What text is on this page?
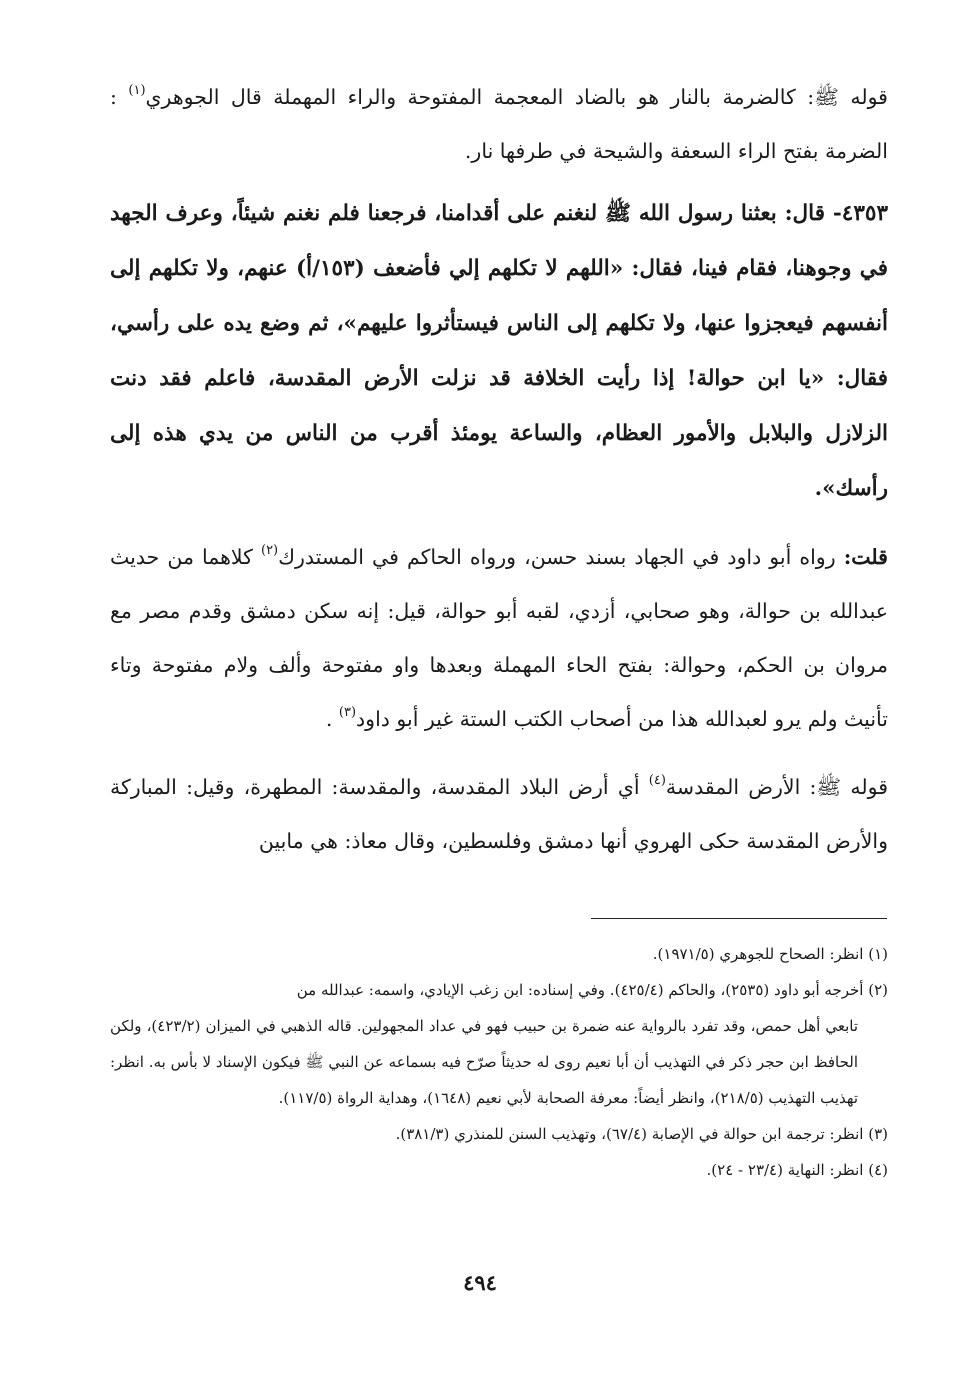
قوله ﷺ: كالضرمة بالنار هو بالضاد المعجمة المفتوحة والراء المهملة قال الجوهري$^{(١)}$ : الضرمة بفتح الراء السعفة والشيحة في طرفها نار.

٤٣٥٣- قال: بعثنا رسول الله ﷺ لنغنم على أقدامنا، فرجعنا فلم نغنم شيئاً، وعرف الجهد في وجوهنا، فقام فينا، فقال: «اللهم لا تكلهم إلي فأضعف (١٥٣/أ) عنهم، ولا تكلهم إلى أنفسهم فيعجزوا عنها، ولا تكلهم إلى الناس فيستأثروا عليهم»، ثم وضع يده على رأسي، فقال: «يا ابن حوالة! إذا رأيت الخلافة قد نزلت الأرض المقدسة، فاعلم فقد دنت الزلازل والبلابل والأمور العظام، والساعة يومئذ أقرب من الناس من يدي هذه إلى رأسك».

قلت: رواه أبو داود في الجهاد بسند حسن، ورواه الحاكم في المستدرك$^{(٢)}$ كلاهما من حديث عبدالله بن حوالة، وهو صحابي، أزدي، لقبه أبو حوالة، قيل: إنه سكن دمشق وقدم مصر مع مروان بن الحكم، وحوالة: بفتح الحاء المهملة وبعدها واو مفتوحة وألف ولام مفتوحة وتاء تأنيث ولم يرو لعبدالله هذا من أصحاب الكتب الستة غير أبو داود$^{(٣)}$ .

قوله ﷺ: الأرض المقدسة$^{(٤)}$ أي أرض البلاد المقدسة، والمقدسة: المطهرة، وقيل: المباركة والأرض المقدسة حكى الهروي أنها دمشق وفلسطين، وقال معاذ: هي مابين

(١) انظر: الصحاح للجوهري (١٩٧١/٥).

(٢) أخرجه أبو داود (٢٥٣٥)، والحاكم (٤٢٥/٤). وفي إسناده: ابن زغب الإيادي، واسمه: عبدالله من

تابعي أهل حمص، وقد تفرد بالرواية عنه ضمرة بن حبيب فهو في عداد المجهولين. قاله الذهبي في الميزان (٤٢٣/٢)، ولكن الحافظ ابن حجر ذكر في التهذيب أن أبا نعيم روى له حديثاً صرّح فيه بسماعه عن النبي ﷺ فيكون الإسناد لا بأس به. انظر: تهذيب التهذيب (٢١٨/٥)، وانظر أيضاً: معرفة الصحابة لأبي نعيم (١٦٤٨)، وهداية الرواة (١١٧/٥).

(٣) انظر: ترجمة ابن حوالة في الإصابة (٦٧/٤)، وتهذيب السنن للمنذري (٣٨١/٣).

(٤) انظر: النهاية (٢٣/٤ - ٢٤).

٤٩٤
